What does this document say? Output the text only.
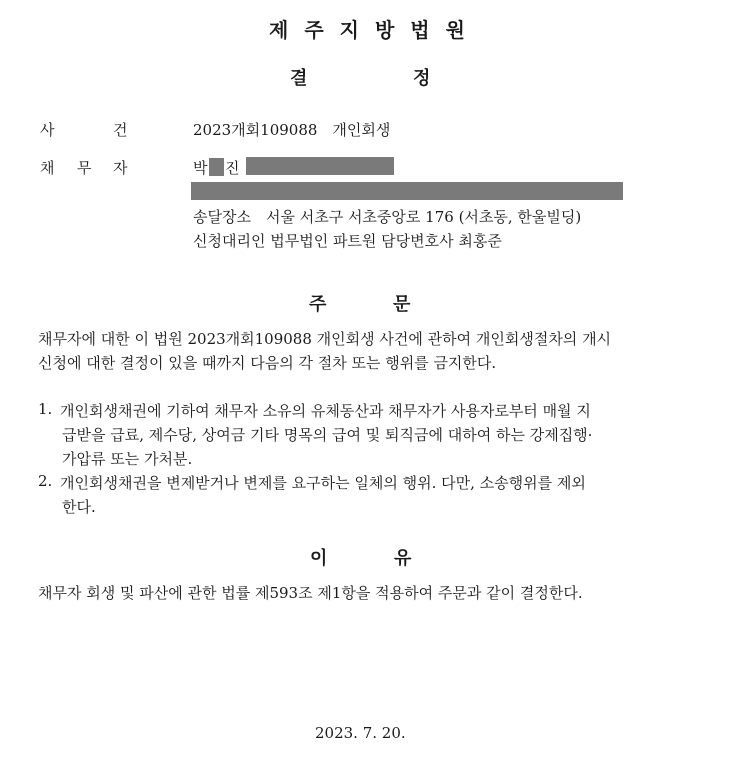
제주지방법원
결	정
사	건	2023개회109088　개인회생
채 무 자	박 진
송달장소　서울 서초구 서초중앙로 176 (서초동, 한울빌딩)
신청대리인 법무법인 파트원 담당변호사 최홍준
주	문
채무자에 대한 이 법원 2023개회109088 개인회생 사건에 관하여 개인회생절차의 개시
신청에 대한 결정이 있을 때까지 다음의 각 절차 또는 행위를 금지한다.
1. 개인회생채권에 기하여 채무자 소유의 유체동산과 채무자가 사용자로부터 매월 지
급받을 급료, 제수당, 상여금 기타 명목의 급여 및 퇴직금에 대하여 하는 강제집행·
가압류 또는 가처분.
2. 개인회생채권을 변제받거나 변제를 요구하는 일체의 행위. 다만, 소송행위를 제외
한다.
이	유
채무자 회생 및 파산에 관한 법률 제593조 제1항을 적용하여 주문과 같이 결정한다.
2023. 7. 20.
